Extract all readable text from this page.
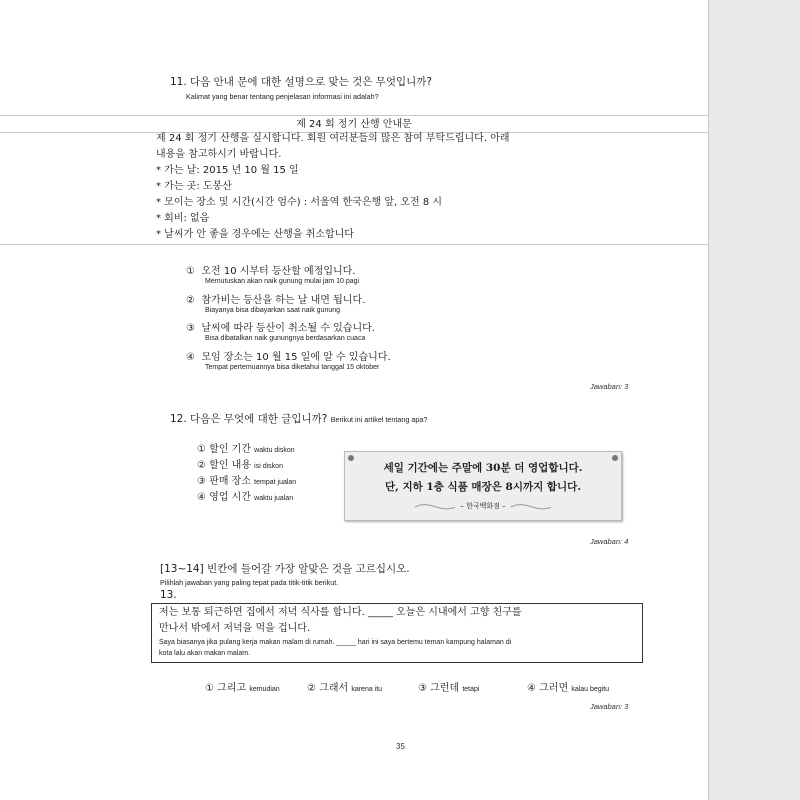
11. 다음 안내 문에 대한 설명으로 맞는 것은 무엇입니까?
Kalimat yang benar tentang penjelasan informasi ini adalah?
제 24 회 정기 산행 안내문
제 24 회 정기 산행을 실시합니다. 회원 여러분들의 많은 참여 부탁드립니다. 아래
내용을 참고하시기 바랍니다.
* 가는 날: 2015 년 10 월 15 일
* 가는 곳: 도봉산
* 모이는 장소 및 시간(시간 엄수) : 서울역 한국은행 앞, 오전 8 시
* 회비: 없음
* 날씨가 안 좋을 경우에는 산행을 취소합니다
① 오전 10 시부터 등산할 예정입니다.
Memutuskan akan naik gunung mulai jam 10 pagi
② 참가비는 등산을 하는 날 내면 됩니다.
Biayanya bisa dibayarkan saat naik gunung
③ 날씨에 따라 등산이 취소될 수 있습니다.
Bisa dibatalkan naik gunungnya berdasarkan cuaca
④ 모임 장소는 10 월 15 일에 알 수 있습니다.
Tempat pertemuannya bisa diketahui tanggal 15 oktober
Jawaban: 3
12. 다음은 무엇에 대한 글입니까? Berikut ini artikel tentang apa?
① 할인 기간 waktu diskon
② 할인 내용 isi diskon
③ 판매 장소 tempat jualan
④ 영업 시간 waktu jualan
세일 기간에는 주말에 30분 더 영업합니다.
단, 지하 1층 식품 매장은 8시까지 합니다.
– 한국백화점 –
Jawaban: 4
[13~14] 빈칸에 들어갈 가장 알맞은 것을 고르십시오.
Pilihlah jawaban yang paling tepat pada titik-titik berikut.
13.
저는 보통 퇴근하면 집에서 저녁 식사를 합니다. _____ 오늘은 시내에서 고향 친구를
만나서 밖에서 저녁을 먹을 겁니다.
Saya biasanya jika pulang kerja makan malam di rumah. _____ hari ini saya bertemu teman kampung halaman di
kota lalu akan makan malam.
① 그리고 kemudian	② 그래서 karena itu	③ 그런데 tetapi	④ 그러면 kalau begitu
Jawaban: 3
35
